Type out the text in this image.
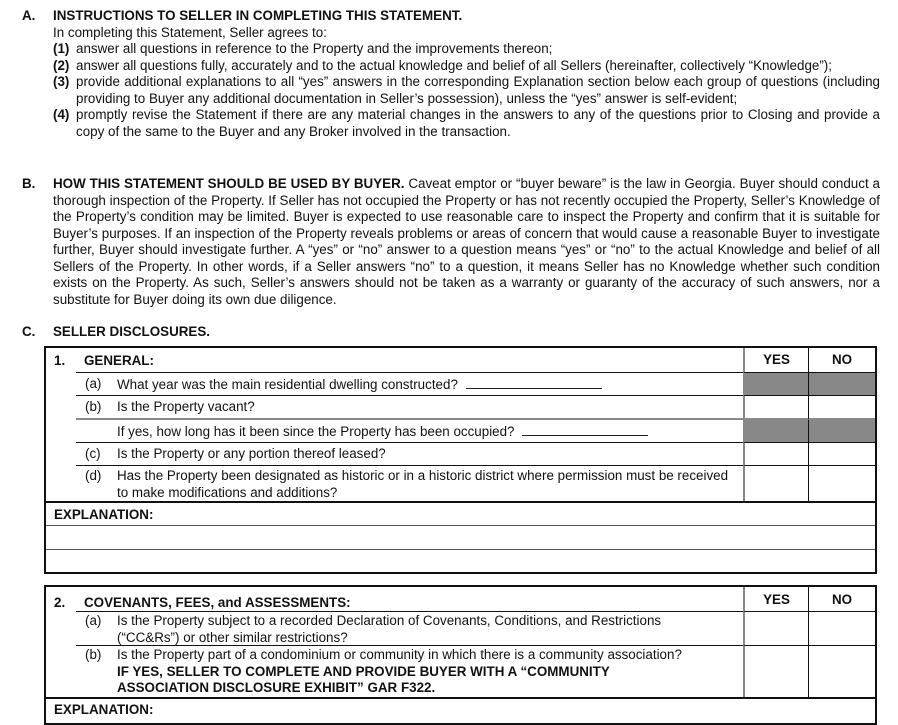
A. INSTRUCTIONS TO SELLER IN COMPLETING THIS STATEMENT.
In completing this Statement, Seller agrees to:
(1) answer all questions in reference to the Property and the improvements thereon;
(2) answer all questions fully, accurately and to the actual knowledge and belief of all Sellers (hereinafter, collectively “Knowledge”);
(3) provide additional explanations to all “yes” answers in the corresponding Explanation section below each group of questions (including providing to Buyer any additional documentation in Seller’s possession), unless the “yes” answer is self-evident;
(4) promptly revise the Statement if there are any material changes in the answers to any of the questions prior to Closing and provide a copy of the same to the Buyer and any Broker involved in the transaction.
B. HOW THIS STATEMENT SHOULD BE USED BY BUYER. Caveat emptor or “buyer beware” is the law in Georgia. Buyer should conduct a thorough inspection of the Property. If Seller has not occupied the Property or has not recently occupied the Property, Seller’s Knowledge of the Property’s condition may be limited. Buyer is expected to use reasonable care to inspect the Property and confirm that it is suitable for Buyer’s purposes. If an inspection of the Property reveals problems or areas of concern that would cause a reasonable Buyer to investigate further, Buyer should investigate further. A “yes” or “no” answer to a question means “yes” or “no” to the actual Knowledge and belief of all Sellers of the Property. In other words, if a Seller answers “no” to a question, it means Seller has no Knowledge whether such condition exists on the Property. As such, Seller’s answers should not be taken as a warranty or guaranty of the accuracy of such answers, nor a substitute for Buyer doing its own due diligence.
C. SELLER DISCLOSURES.
1. GENERAL:	YES	NO
(a) What year was the main residential dwelling constructed?
(b) Is the Property vacant?
If yes, how long has it been since the Property has been occupied?
(c) Is the Property or any portion thereof leased?
(d) Has the Property been designated as historic or in a historic district where permission must be received to make modifications and additions?
EXPLANATION:
2. COVENANTS, FEES, and ASSESSMENTS:	YES	NO
(a) Is the Property subject to a recorded Declaration of Covenants, Conditions, and Restrictions (“CC&Rs”) or other similar restrictions?
(b) Is the Property part of a condominium or community in which there is a community association?
IF YES, SELLER TO COMPLETE AND PROVIDE BUYER WITH A “COMMUNITY ASSOCIATION DISCLOSURE EXHIBIT” GAR F322.
EXPLANATION:
